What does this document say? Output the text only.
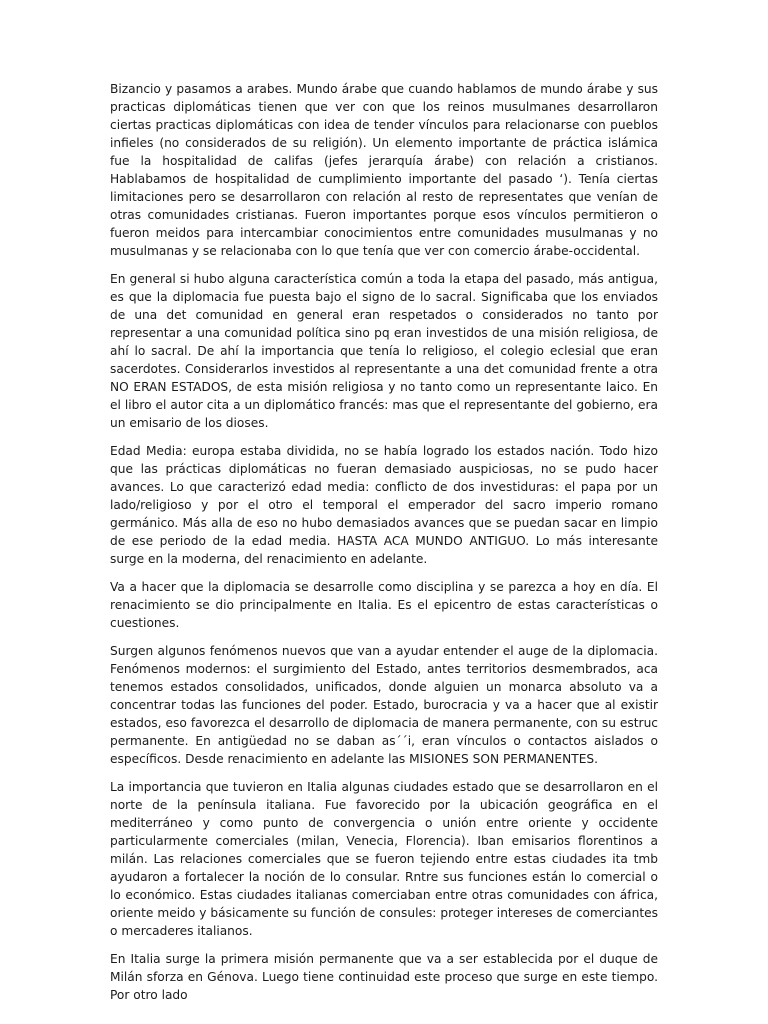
Bizancio y pasamos a arabes. Mundo árabe que cuando hablamos de mundo árabe y sus practicas diplomáticas tienen que ver con que los reinos musulmanes desarrollaron ciertas practicas diplomáticas con idea de tender vínculos para relacionarse con pueblos infieles (no considerados de su religión). Un elemento importante de práctica islámica fue la hospitalidad de califas (jefes jerarquía árabe) con relación a cristianos. Hablabamos de hospitalidad de cumplimiento importante del pasado ‘). Tenía ciertas limitaciones pero se desarrollaron con relación al resto de representates que venían de otras comunidades cristianas. Fueron importantes porque esos vínculos permitieron o fueron meidos para intercambiar conocimientos entre comunidades musulmanas y no musulmanas y se relacionaba con lo que tenía que ver con comercio árabe-occidental.

En general si hubo alguna característica común a toda la etapa del pasado, más antigua, es que la diplomacia fue puesta bajo el signo de lo sacral. Significaba que los enviados de una det comunidad en general eran respetados o considerados no tanto por representar a una comunidad política sino pq eran investidos de una misión religiosa, de ahí lo sacral. De ahí la importancia que tenía lo religioso, el colegio eclesial que eran sacerdotes. Considerarlos investidos al representante a una det comunidad frente a otra NO ERAN ESTADOS, de esta misión religiosa y no tanto como un representante laico. En el libro el autor cita a un diplomático francés: mas que el representante del gobierno, era un emisario de los dioses.

Edad Media: europa estaba dividida, no se había logrado los estados nación. Todo hizo que las prácticas diplomáticas no fueran demasiado auspiciosas, no se pudo hacer avances. Lo que caracterizó edad media: conflicto de dos investiduras: el papa por un lado/religioso y por el otro el temporal el emperador del sacro imperio romano germánico. Más alla de eso no hubo demasiados avances que se puedan sacar en limpio de ese periodo de la edad media. HASTA ACA MUNDO ANTIGUO. Lo más interesante surge en la moderna, del renacimiento en adelante.

Va a hacer que la diplomacia se desarrolle como disciplina y se parezca a hoy en día. El renacimiento se dio principalmente en Italia. Es el epicentro de estas características o cuestiones.

Surgen algunos fenómenos nuevos que van a ayudar entender el auge de la diplomacia. Fenómenos modernos: el surgimiento del Estado, antes territorios desmembrados, aca tenemos estados consolidados, unificados, donde alguien un monarca absoluto va a concentrar todas las funciones del poder. Estado, burocracia y va a hacer que al existir estados, eso favorezca el desarrollo de diplomacia de manera permanente, con su estruc permanente. En antigüedad no se daban as´´i, eran vínculos o contactos aislados o específicos. Desde renacimiento en adelante las MISIONES SON PERMANENTES.

La importancia que tuvieron en Italia algunas ciudades estado que se desarrollaron en el norte de la península italiana. Fue favorecido por la ubicación geográfica en el mediterráneo y como punto de convergencia o unión entre oriente y occidente particularmente comerciales (milan, Venecia, Florencia). Iban emisarios florentinos a milán. Las relaciones comerciales que se fueron tejiendo entre estas ciudades ita tmb ayudaron a fortalecer la noción de lo consular. Rntre sus funciones están lo comercial o lo económico. Estas ciudades italianas comerciaban entre otras comunidades con áfrica, oriente meido y básicamente su función de consules: proteger intereses de comerciantes o mercaderes italianos.

En Italia surge la primera misión permanente que va a ser establecida por el duque de Milán sforza en Génova. Luego tiene continuidad este proceso que surge en este tiempo. Por otro lado
